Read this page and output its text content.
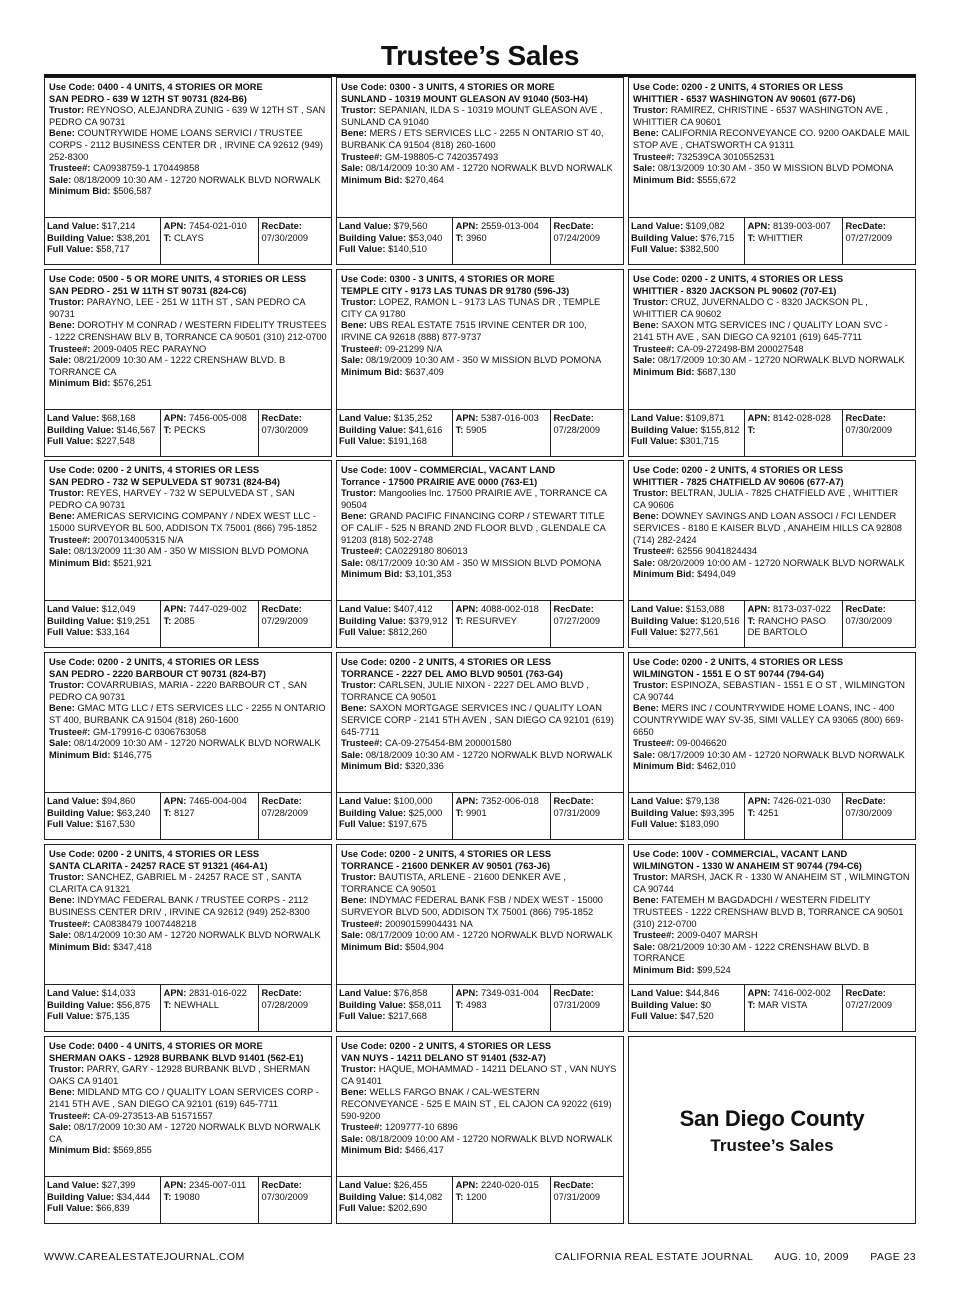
Trustee’s Sales
Use Code: 0400 - 4 UNITS, 4 STORIES OR MORE
SAN PEDRO - 639 W 12TH ST 90731 (824-B6)
Trustor: REYNOSO, ALEJANDRA ZUNIG - 639 W 12TH ST , SAN PEDRO CA 90731
Bene: COUNTRYWIDE HOME LOANS SERVICI / TRUSTEE CORPS - 2112 BUSINESS CENTER DR , IRVINE CA 92612 (949) 252-8300
Trustee#: CA0938759-1 170449858
Sale: 08/18/2009 10:30 AM - 12720 NORWALK BLVD NORWALK
Minimum Bid: $506,587
Land Value: $17,214
Building Value: $38,201
Full Value: $58,717
APN: 7454-021-010
T: CLAYS
RecDate:
07/30/2009
Use Code: 0300 - 3 UNITS, 4 STORIES OR MORE
SUNLAND - 10319 MOUNT GLEASON AV 91040 (503-H4)
Trustor: SEPANIAN, ILDA S - 10319 MOUNT GLEASON AVE , SUNLAND CA 91040
Bene: MERS / ETS SERVICES LLC - 2255 N ONTARIO ST 40, BURBANK CA 91504 (818) 260-1600
Trustee#: GM-198805-C 7420357493
Sale: 08/14/2009 10:30 AM - 12720 NORWALK BLVD NORWALK
Minimum Bid: $270,464
Land Value: $79,560
Building Value: $53,040
Full Value: $140,510
APN: 2559-013-004
T: 3960
RecDate:
07/24/2009
Use Code: 0200 - 2 UNITS, 4 STORIES OR LESS
WHITTIER - 6537 WASHINGTON AV 90601 (677-D6)
Trustor: RAMIREZ, CHRISTINE - 6537 WASHINGTON AVE , WHITTIER CA 90601
Bene: CALIFORNIA RECONVEYANCE CO. 9200 OAKDALE MAIL STOP AVE , CHATSWORTH CA 91311
Trustee#: 732539CA 3010552531
Sale: 08/13/2009 10:30 AM - 350 W MISSION BLVD POMONA
Minimum Bid: $555,672
Land Value: $109,082
Building Value: $76,715
Full Value: $382,500
APN: 8139-003-007
T: WHITTIER
RecDate:
07/27/2009
Use Code: 0500 - 5 OR MORE UNITS, 4 STORIES OR LESS
SAN PEDRO - 251 W 11TH ST 90731 (824-C6)
Trustor: PARAYNO, LEE - 251 W 11TH ST , SAN PEDRO CA 90731
Bene: DOROTHY M CONRAD / WESTERN FIDELITY TRUSTEES - 1222 CRENSHAW BLV B, TORRANCE CA 90501 (310) 212-0700
Trustee#: 2009-0405 REC PARAYNO
Sale: 08/21/2009 10:30 AM - 1222 CRENSHAW BLVD. B TORRANCE CA
Minimum Bid: $576,251
Land Value: $68,168
Building Value: $146,567
Full Value: $227,548
APN: 7456-005-008
T: PECKS
RecDate:
07/30/2009
Use Code: 0300 - 3 UNITS, 4 STORIES OR MORE
TEMPLE CITY - 9173 LAS TUNAS DR 91780 (596-J3)
Trustor: LOPEZ, RAMON L - 9173 LAS TUNAS DR , TEMPLE CITY CA 91780
Bene: UBS REAL ESTATE 7515 IRVINE CENTER DR 100, IRVINE CA 92618 (888) 877-9737
Trustee#: 09-21299 N/A
Sale: 08/19/2009 10:30 AM - 350 W MISSION BLVD POMONA
Minimum Bid: $637,409
Land Value: $135,252
Building Value: $41,616
Full Value: $191,168
APN: 5387-016-003
T: 5905
RecDate:
07/28/2009
Use Code: 0200 - 2 UNITS, 4 STORIES OR LESS
WHITTIER - 8320 JACKSON PL 90602 (707-E1)
Trustor: CRUZ, JUVERNALDO C - 8320 JACKSON PL , WHITTIER CA 90602
Bene: SAXON MTG SERVICES INC / QUALITY LOAN SVC - 2141 5TH AVE , SAN DIEGO CA 92101 (619) 645-7711
Trustee#: CA-09-272498-BM 200027548
Sale: 08/17/2009 10:30 AM - 12720 NORWALK BLVD NORWALK
Minimum Bid: $687,130
Land Value: $109,871
Building Value: $155,812
Full Value: $301,715
APN: 8142-028-028
T:
RecDate:
07/30/2009
Use Code: 0200 - 2 UNITS, 4 STORIES OR LESS
SAN PEDRO - 732 W SEPULVEDA ST 90731 (824-B4)
Trustor: REYES, HARVEY - 732 W SEPULVEDA ST , SAN PEDRO CA 90731
Bene: AMERICAS SERVICING COMPANY / NDEX WEST LLC - 15000 SURVEYOR BL 500, ADDISON TX 75001 (866) 795-1852
Trustee#: 20070134005315 N/A
Sale: 08/13/2009 11:30 AM - 350 W MISSION BLVD POMONA
Minimum Bid: $521,921
Land Value: $12,049
Building Value: $19,251
Full Value: $33,164
APN: 7447-029-002
T: 2085
RecDate:
07/29/2009
Use Code: 100V - COMMERCIAL, VACANT LAND
Torrance - 17500 PRAIRIE AVE 0000 (763-E1)
Trustor: Mangoolies Inc. 17500 PRAIRIE AVE , TORRANCE CA 90504
Bene: GRAND PACIFIC FINANCING CORP / STEWART TITLE OF CALIF - 525 N BRAND 2ND FLOOR BLVD , GLENDALE CA 91203 (818) 502-2748
Trustee#: CA0229180 806013
Sale: 08/17/2009 10:30 AM - 350 W MISSION BLVD POMONA
Minimum Bid: $3,101,353
Land Value: $407,412
Building Value: $379,912
Full Value: $812,260
APN: 4088-002-018
T: RESURVEY
RecDate:
07/27/2009
Use Code: 0200 - 2 UNITS, 4 STORIES OR LESS
WHITTIER - 7825 CHATFIELD AV 90606 (677-A7)
Trustor: BELTRAN, JULIA - 7825 CHATFIELD AVE , WHITTIER CA 90606
Bene: DOWNEY SAVINGS AND LOAN ASSOCI / FCI LENDER SERVICES - 8180 E KAISER BLVD , ANAHEIM HILLS CA 92808 (714) 282-2424
Trustee#: 62556 9041824434
Sale: 08/20/2009 10:00 AM - 12720 NORWALK BLVD NORWALK
Minimum Bid: $494,049
Land Value: $153,088
Building Value: $120,516
Full Value: $277,561
APN: 8173-037-022
T: RANCHO PASO DE BARTOLO
RecDate:
07/30/2009
Use Code: 0200 - 2 UNITS, 4 STORIES OR LESS
SAN PEDRO - 2220 BARBOUR CT 90731 (824-B7)
Trustor: COVARRUBIAS, MARIA - 2220 BARBOUR CT , SAN PEDRO CA 90731
Bene: GMAC MTG LLC / ETS SERVICES LLC - 2255 N ONTARIO ST 400, BURBANK CA 91504 (818) 260-1600
Trustee#: GM-179916-C 0306763058
Sale: 08/14/2009 10:30 AM - 12720 NORWALK BLVD NORWALK
Minimum Bid: $146,775
Land Value: $94,860
Building Value: $63,240
Full Value: $167,530
APN: 7465-004-004
T: 8127
RecDate:
07/28/2009
Use Code: 0200 - 2 UNITS, 4 STORIES OR LESS
TORRANCE - 2227 DEL AMO BLVD 90501 (763-G4)
Trustor: CARLSEN, JULIE NIXON - 2227 DEL AMO BLVD , TORRANCE CA 90501
Bene: SAXON MORTGAGE SERVICES INC / QUALITY LOAN SERVICE CORP - 2141 5TH AVEN , SAN DIEGO CA 92101 (619) 645-7711
Trustee#: CA-09-275454-BM 200001580
Sale: 08/18/2009 10:30 AM - 12720 NORWALK BLVD NORWALK
Minimum Bid: $320,336
Land Value: $100,000
Building Value: $25,000
Full Value: $197,675
APN: 7352-006-018
T: 9901
RecDate:
07/31/2009
Use Code: 0200 - 2 UNITS, 4 STORIES OR LESS
WILMINGTON - 1551 E O ST 90744 (794-G4)
Trustor: ESPINOZA, SEBASTIAN - 1551 E O ST , WILMINGTON CA 90744
Bene: MERS INC / COUNTRYWIDE HOME LOANS, INC - 400 COUNTRYWIDE WAY SV-35, SIMI VALLEY CA 93065 (800) 669-6650
Trustee#: 09-0046620
Sale: 08/17/2009 10:30 AM - 12720 NORWALK BLVD NORWALK
Minimum Bid: $462,010
Land Value: $79,138
Building Value: $93,395
Full Value: $183,090
APN: 7426-021-030
T: 4251
RecDate:
07/30/2009
Use Code: 0200 - 2 UNITS, 4 STORIES OR LESS
SANTA CLARITA - 24257 RACE ST 91321 (464-A1)
Trustor: SANCHEZ, GABRIEL M - 24257 RACE ST , SANTA CLARITA CA 91321
Bene: INDYMAC FEDERAL BANK / TRUSTEE CORPS - 2112 BUSINESS CENTER DRIV , IRVINE CA 92612 (949) 252-8300
Trustee#: CA0838479 1007448218
Sale: 08/14/2009 10:30 AM - 12720 NORWALK BLVD NORWALK
Minimum Bid: $347,418
Land Value: $14,033
Building Value: $56,875
Full Value: $75,135
APN: 2831-016-022
T: NEWHALL
RecDate:
07/28/2009
Use Code: 0200 - 2 UNITS, 4 STORIES OR LESS
TORRANCE - 21600 DENKER AV 90501 (763-J6)
Trustor: BAUTISTA, ARLENE - 21600 DENKER AVE , TORRANCE CA 90501
Bene: INDYMAC FEDERAL BANK FSB / NDEX WEST - 15000 SURVEYOR BLVD 500, ADDISON TX 75001 (866) 795-1852
Trustee#: 20090159904431 NA
Sale: 08/17/2009 10:00 AM - 12720 NORWALK BLVD NORWALK
Minimum Bid: $504,904
Land Value: $76,858
Building Value: $58,011
Full Value: $217,668
APN: 7349-031-004
T: 4983
RecDate:
07/31/2009
Use Code: 100V - COMMERCIAL, VACANT LAND
WILMINGTON - 1330 W ANAHEIM ST 90744 (794-C6)
Trustor: MARSH, JACK R - 1330 W ANAHEIM ST , WILMINGTON CA 90744
Bene: FATEMEH M BAGDADCHI / WESTERN FIDELITY TRUSTEES - 1222 CRENSHAW BLVD B, TORRANCE CA 90501 (310) 212-0700
Trustee#: 2009-0407 MARSH
Sale: 08/21/2009 10:30 AM - 1222 CRENSHAW BLVD. B TORRANCE
Minimum Bid: $99,524
Land Value: $44,846
Building Value: $0
Full Value: $47,520
APN: 7416-002-002
T: MAR VISTA
RecDate:
07/27/2009
Use Code: 0400 - 4 UNITS, 4 STORIES OR MORE
SHERMAN OAKS - 12928 BURBANK BLVD 91401 (562-E1)
Trustor: PARRY, GARY - 12928 BURBANK BLVD , SHERMAN OAKS CA 91401
Bene: MIDLAND MTG CO / QUALITY LOAN SERVICES CORP - 2141 5TH AVE , SAN DIEGO CA 92101 (619) 645-7711
Trustee#: CA-09-273513-AB 51571557
Sale: 08/17/2009 10:30 AM - 12720 NORWALK BLVD NORWALK CA
Minimum Bid: $569,855
Land Value: $27,399
Building Value: $34,444
Full Value: $66,839
APN: 2345-007-011
T: 19080
RecDate:
07/30/2009
Use Code: 0200 - 2 UNITS, 4 STORIES OR LESS
VAN NUYS - 14211 DELANO ST 91401 (532-A7)
Trustor: HAQUE, MOHAMMAD - 14211 DELANO ST , VAN NUYS CA 91401
Bene: WELLS FARGO BNAK / CAL-WESTERN RECONVEYANCE - 525 E MAIN ST , EL CAJON CA 92022 (619) 590-9200
Trustee#: 1209777-10 6896
Sale: 08/18/2009 10:00 AM - 12720 NORWALK BLVD NORWALK
Minimum Bid: $466,417
Land Value: $26,455
Building Value: $14,082
Full Value: $202,690
APN: 2240-020-015
T: 1200
RecDate:
07/31/2009
San Diego County
Trustee’s Sales
WWW.CAREALESTATEJOURNAL.COM	CALIFORNIA REAL ESTATE JOURNAL AUG. 10, 2009 PAGE 23
